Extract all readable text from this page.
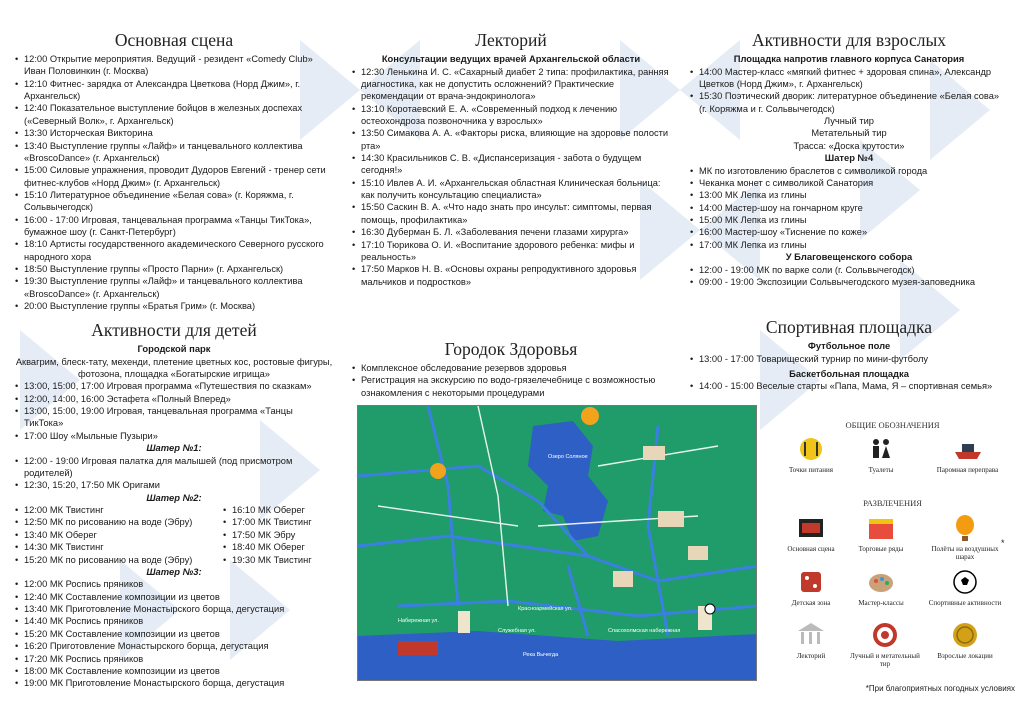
Основная сцена
• 12:00 Открытие мероприятия. Ведущий - резидент «Comedy Club» Иван Половинкин (г. Москва)
• 12:10 Фитнес- зарядка от Александра Цветкова (Норд Джим», г. Архангельск)
• 12:40 Показательное выступление бойцов в железных доспехах («Северный Волк», г. Архангельск)
• 13:30 Исторческая Викторина
• 13:40 Выступление группы «Лайф» и танцевального коллектива «BroscoDance» (г. Архангельск)
• 15:00 Силовые упражнения, проводит Дудоров Евгений - тренер сети фитнес-клубов «Норд Джим» (г. Архангельск)
• 15:10 Литературное объединение «Белая сова» (г. Коряжма, г. Сольвычегодск)
• 16:00 - 17:00 Игровая, танцевальная программа «Танцы ТикТока», бумажное шоу (г. Санкт-Петербург)
• 18:10 Артисты государственного академического Северного русского народного хора
• 18:50 Выступление группы «Просто Парни» (г. Архангельск)
• 19:30 Выступление группы «Лайф» и танцевального коллектива «BroscoDance» (г. Архангельск)
• 20:00 Выступление группы «Братья Грим» (г. Москва)
Активности для детей
Городской парк
Аквагрим, блеск-тату, мехенди, плетение цветных кос, ростовые фигуры, фотозона, площадка «Богатырские игрища»
• 13:00, 15:00, 17:00 Игровая программа «Путешествия по сказкам»
• 12:00, 14:00, 16:00 Эстафета «Полный Вперед»
• 13:00, 15:00, 19:00 Игровая, танцевальная программа «Танцы ТикТока»
• 17:00 Шоу «Мыльные Пузыри»
Шатер №1:
• 12:00 - 19:00 Игровая палатка для малышей (под присмотром родителей)
• 12:30, 15:20, 17:50 МК Оригами
Шатер №2:
• 12:00 МК Твистинг
• 12:50 МК по рисованию на воде (Эбру)
• 13:40 МК Оберег
• 14:30 МК Твистинг
• 15:20 МК по рисованию на воде (Эбру)
• 16:10 МК Оберег
• 17:00 МК Твистинг
• 17:50 МК Эбру
• 18:40 МК Оберег
• 19:30 МК Твистинг
Шатер №3:
• 12:00 МК Роспись пряников
• 12:40 МК Составление композиции из цветов
• 13:40 МК Приготовление Монастырского борща, дегустация
• 14:40 МК Роспись пряников
• 15:20 МК Составление композиции из цветов
• 16:20 Приготовление Монастырского борща, дегустация
• 17:20 МК Роспись пряников
• 18:00 МК Составление композиции из цветов
• 19:00 МК Приготовление Монастырского борща, дегустация
Лекторий
Консультации ведущих врачей Архангельской области
• 12:30 Ленькина И. С. «Сахарный диабет 2 типа: профилактика, ранняя диагностика, как не допустить осложнений? Практические рекомендации от врача-эндокринолога»
• 13:10 Коротаевский Е. А. «Современный подход к лечению остеохондроза позвоночника у взрослых»
• 13:50 Симакова А. А. «Факторы риска, влияющие на здоровье полости рта»
• 14:30 Красильников С. В. «Диспансеризация - забота о будущем сегодня!»
• 15:10 Ивлев А. И. «Архангельская областная Клиническая больница: как получить консультацию специалиста»
• 15:50 Саскин В. А. «Что надо знать про инсульт: симптомы, первая помощь, профилактика»
• 16:30 Дуберман Б. Л. «Заболевания печени глазами хирурга»
• 17:10 Тюрикова О. И. «Воспитание здорового ребенка: мифы и реальность»
• 17:50 Марков Н. В. «Основы охраны репродуктивного здоровья мальчиков и подростков»
Городок Здоровья
• Комплексное обследование резервов здоровья
• Регистрация на экскурсию по водо-грязелечебнице с возможностью ознакомления с некоторыми процедурами
Активности для взрослых
Площадка напротив главного корпуса Санатория
• 14:00 Мастер-класс «мягкий фитнес + здоровая спина», Александр Цветков (Норд Джим», г. Архангельск)
• 15:30 Поэтический дворик: литературное объединение «Белая сова» (г. Коряжма и г. Сольвычегодск)
Лучный тир
Метательный тир
Трасса: «Доска крутости»
Шатер №4
• МК по изготовлению браслетов с символикой города
• Чеканка монет с символикой Санатория
• 13:00 МК Лепка из глины
• 14:00 Мастер-шоу на гончарном круге
• 15:00 МК Лепка из глины
• 16:00 Мастер-шоу «Тиснение по коже»
• 17:00 МК Лепка из глины
У Благовещенского собора
• 12:00 - 19:00 МК по варке соли (г. Сольвычегодск)
• 09:00 - 19:00 Экспозиции Сольвычегодского музея-заповедника
Спортивная площадка
Футбольное поле
• 13:00 - 17:00 Товарищеский турнир по мини-футболу
Баскетбольная площадка
• 14:00 - 15:00 Веселые старты «Папа, Мама, Я – спортивная семья»
Озеро Соляное
Река Вычегда
Красноармейская ул.
Служебная ул.	Спасохолмская набережная
Набережная ул.
ОБЩИЕ ОБОЗНАЧЕНИЯ
Точки питания	Туалеты	Паромная переправа
РАЗВЛЕЧЕНИЯ
Основная сцена	Торговые ряды	Полёты на воздушных шарах
*
Детская зона	Мастер-классы	Спортивные активности
Лекторий	Лучный и метательный тир
Взрослые локации
*При благоприятных погодных условиях
